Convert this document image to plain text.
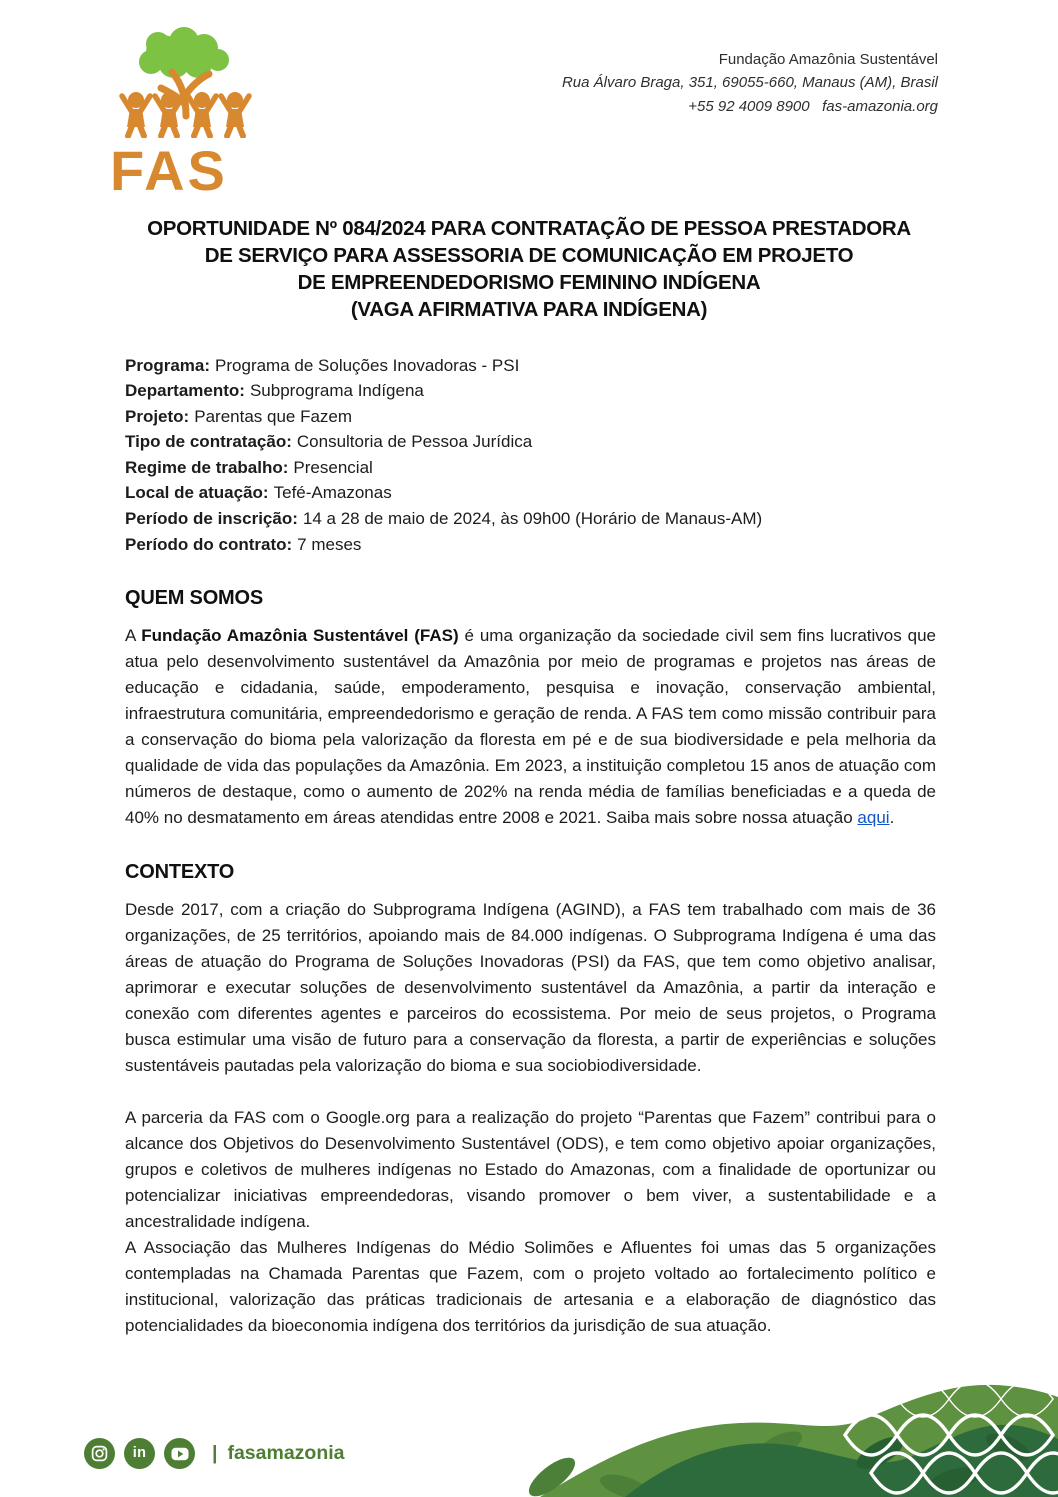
FAS
Fundação Amazônia Sustentável
Rua Álvaro Braga, 351, 69055-660, Manaus (AM), Brasil
+55 92 4009 8900   fas-amazonia.org
OPORTUNIDADE Nº 084/2024 PARA CONTRATAÇÃO DE PESSOA PRESTADORA
DE SERVIÇO PARA ASSESSORIA DE COMUNICAÇÃO EM PROJETO
DE EMPREENDEDORISMO FEMININO INDÍGENA
(VAGA AFIRMATIVA PARA INDÍGENA)
Programa: Programa de Soluções Inovadoras - PSI
Departamento: Subprograma Indígena
Projeto: Parentas que Fazem
Tipo de contratação: Consultoria de Pessoa Jurídica
Regime de trabalho: Presencial
Local de atuação: Tefé-Amazonas
Período de inscrição: 14 a 28 de maio de 2024, às 09h00 (Horário de Manaus-AM)
Período do contrato: 7 meses
QUEM SOMOS

A Fundação Amazônia Sustentável (FAS) é uma organização da sociedade civil sem fins lucrativos que atua pelo desenvolvimento sustentável da Amazônia por meio de programas e projetos nas áreas de educação e cidadania, saúde, empoderamento, pesquisa e inovação, conservação ambiental, infraestrutura comunitária, empreendedorismo e geração de renda. A FAS tem como missão contribuir para a conservação do bioma pela valorização da floresta em pé e de sua biodiversidade e pela melhoria da qualidade de vida das populações da Amazônia. Em 2023, a instituição completou 15 anos de atuação com números de destaque, como o aumento de 202% na renda média de famílias beneficiadas e a queda de 40% no desmatamento em áreas atendidas entre 2008 e 2021. Saiba mais sobre nossa atuação aqui.

CONTEXTO

Desde 2017, com a criação do Subprograma Indígena (AGIND), a FAS tem trabalhado com mais de 36 organizações, de 25 territórios, apoiando mais de 84.000 indígenas. O Subprograma Indígena é uma das áreas de atuação do Programa de Soluções Inovadoras (PSI) da FAS, que tem como objetivo analisar, aprimorar e executar soluções de desenvolvimento sustentável da Amazônia, a partir da interação e conexão com diferentes agentes e parceiros do ecossistema. Por meio de seus projetos, o Programa busca estimular uma visão de futuro para a conservação da floresta, a partir de experiências e soluções sustentáveis pautadas pela valorização do bioma e sua sociobiodiversidade.

A parceria da FAS com o Google.org para a realização do projeto “Parentas que Fazem” contribui para o alcance dos Objetivos do Desenvolvimento Sustentável (ODS), e tem como objetivo apoiar organizações, grupos e coletivos de mulheres indígenas no Estado do Amazonas, com a finalidade de oportunizar ou potencializar iniciativas empreendedoras, visando promover o bem viver, a sustentabilidade e a ancestralidade indígena.

A Associação das Mulheres Indígenas do Médio Solimões e Afluentes foi umas das 5 organizações contempladas na Chamada Parentas que Fazem, com o projeto voltado ao fortalecimento político e institucional, valorização das práticas tradicionais de artesania e a elaboração de diagnóstico das potencialidades da bioeconomia indígena dos territórios da jurisdição de sua atuação.

in	| fasamazonia
